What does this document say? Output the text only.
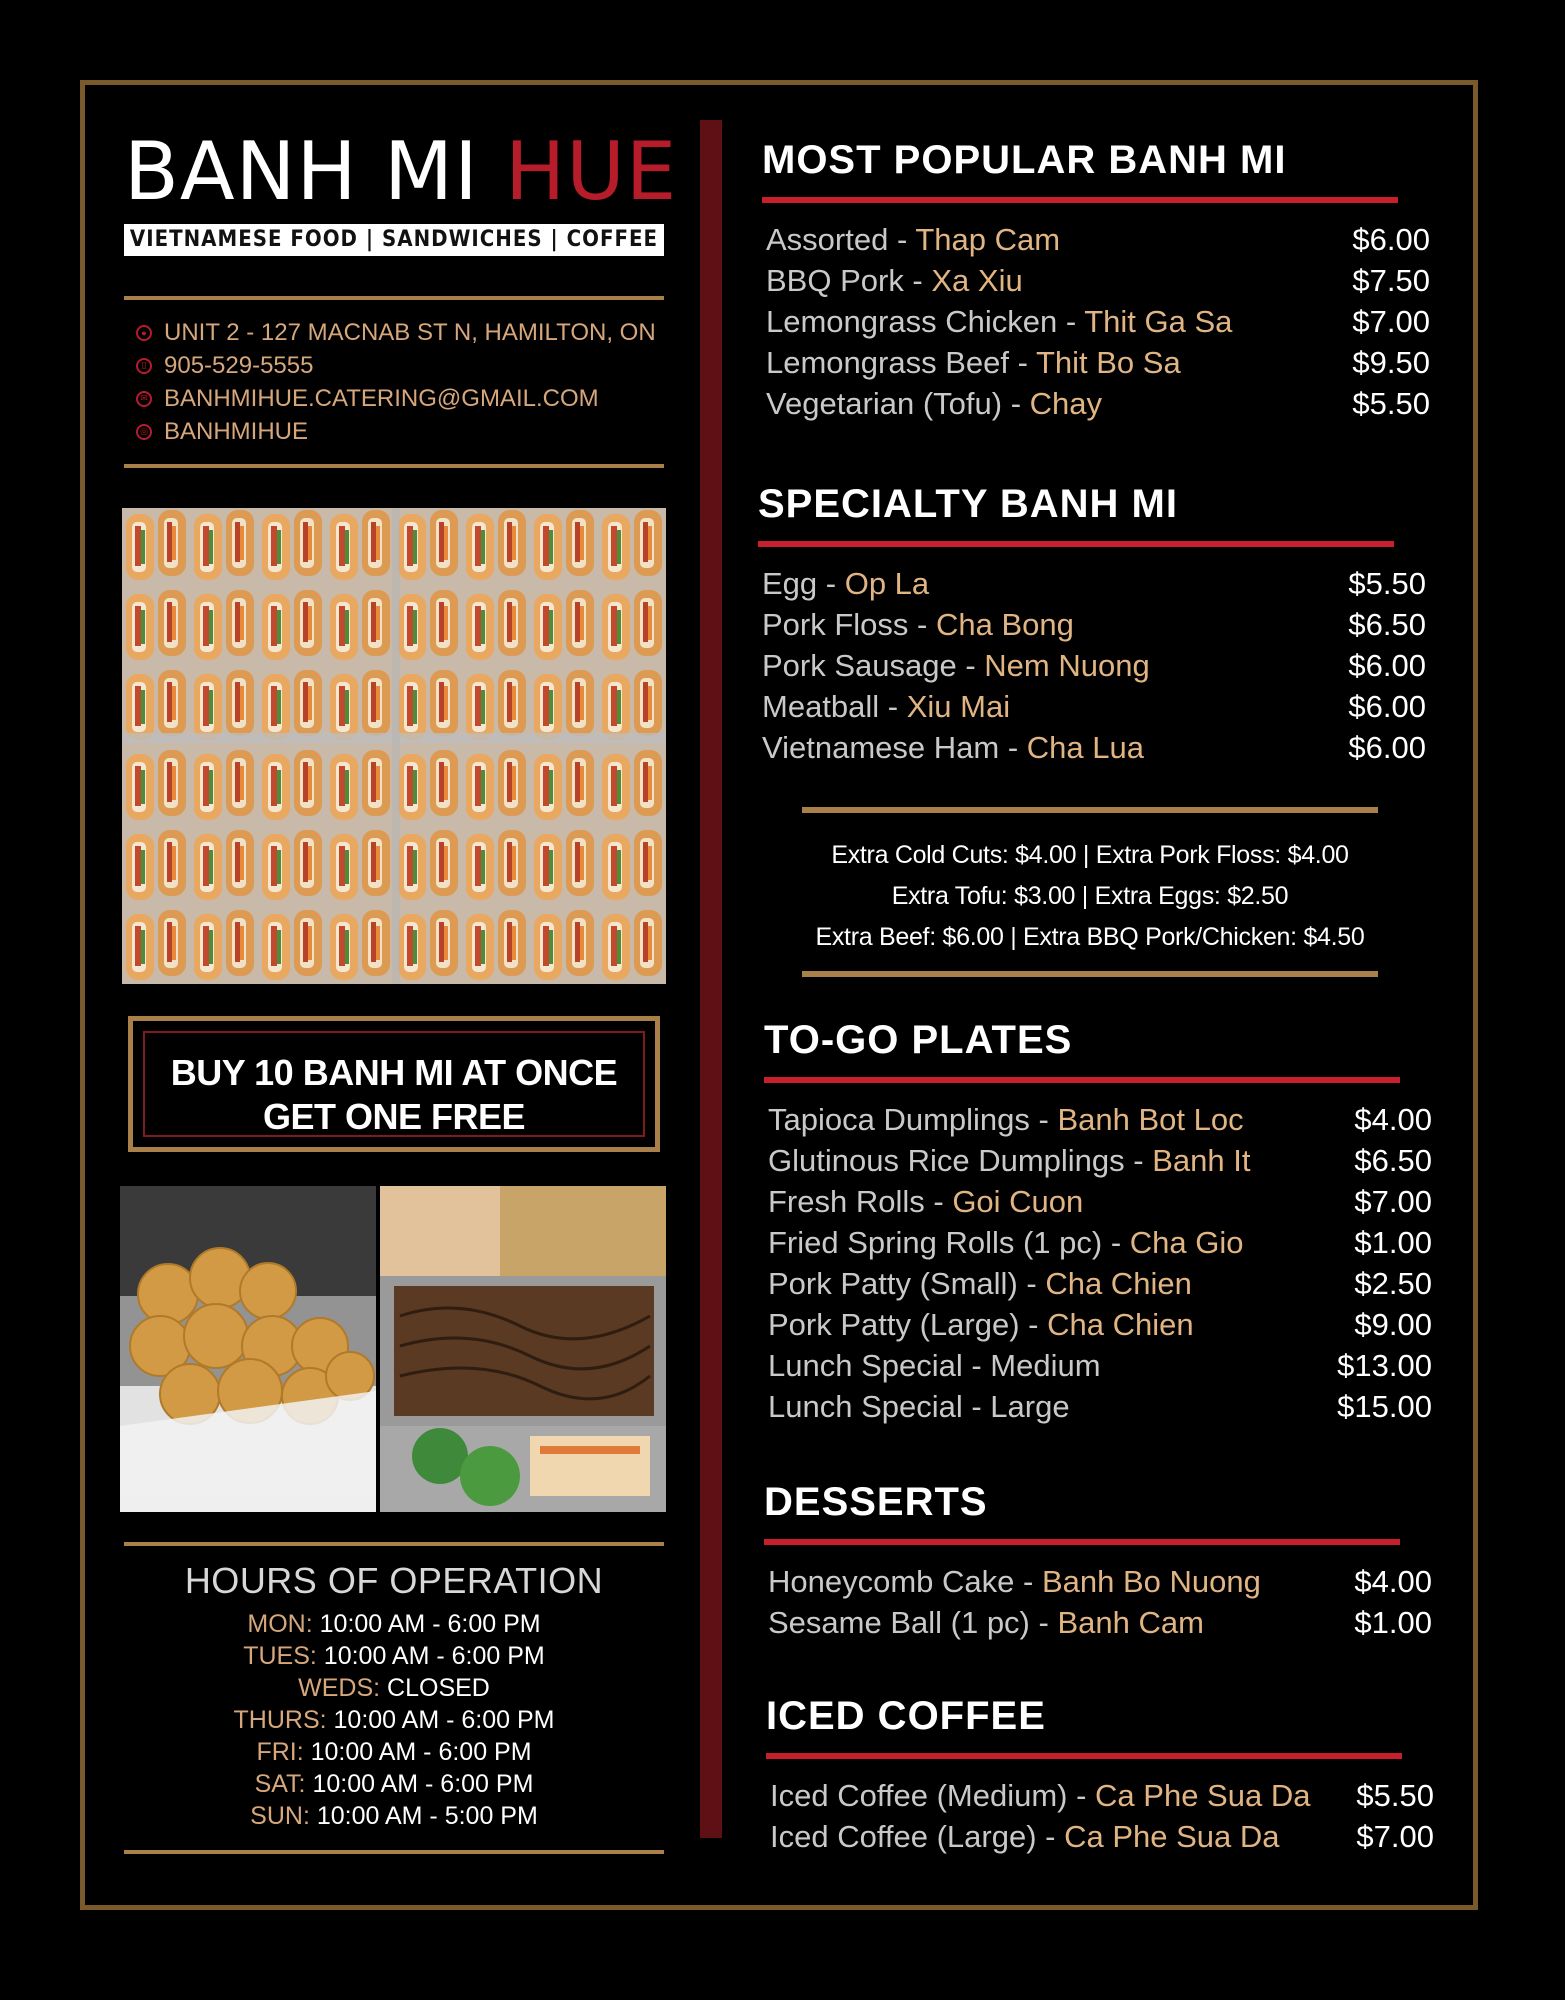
BANH MI HUE
VIETNAMESE FOOD | SANDWICHES | COFFEE
● UNIT 2 - 127 MACNAB ST N, HAMILTON, ON
▯ 905-529-5555
✉ BANHMIHUE.CATERING@GMAIL.COM
◎ BANHMIHUE
BUY 10 BANH MI AT ONCE
GET ONE FREE
HOURS OF OPERATION
MON: 10:00 AM - 6:00 PM
TUES: 10:00 AM - 6:00 PM
WEDS: CLOSED
THURS: 10:00 AM - 6:00 PM
FRI: 10:00 AM - 6:00 PM
SAT: 10:00 AM - 6:00 PM
SUN: 10:00 AM - 5:00 PM
MOST POPULAR BANH MI
Assorted - Thap Cam	$6.00
BBQ Pork - Xa Xiu	$7.50
Lemongrass Chicken - Thit Ga Sa	$7.00
Lemongrass Beef - Thit Bo Sa	$9.50
Vegetarian (Tofu) - Chay	$5.50
SPECIALTY BANH MI
Egg - Op La	$5.50
Pork Floss - Cha Bong	$6.50
Pork Sausage - Nem Nuong	$6.00
Meatball - Xiu Mai	$6.00
Vietnamese Ham - Cha Lua	$6.00
Extra Cold Cuts: $4.00 | Extra Pork Floss: $4.00
Extra Tofu: $3.00 | Extra Eggs: $2.50
Extra Beef: $6.00 | Extra BBQ Pork/Chicken: $4.50
TO-GO PLATES
Tapioca Dumplings - Banh Bot Loc	$4.00
Glutinous Rice Dumplings - Banh It	$6.50
Fresh Rolls - Goi Cuon	$7.00
Fried Spring Rolls (1 pc) - Cha Gio	$1.00
Pork Patty (Small) - Cha Chien	$2.50
Pork Patty (Large) - Cha Chien	$9.00
Lunch Special - Medium	$13.00
Lunch Special - Large	$15.00
DESSERTS
Honeycomb Cake - Banh Bo Nuong	$4.00
Sesame Ball (1 pc) - Banh Cam	$1.00
ICED COFFEE
Iced Coffee (Medium) - Ca Phe Sua Da $5.50
Iced Coffee (Large) - Ca Phe Sua Da $7.00
